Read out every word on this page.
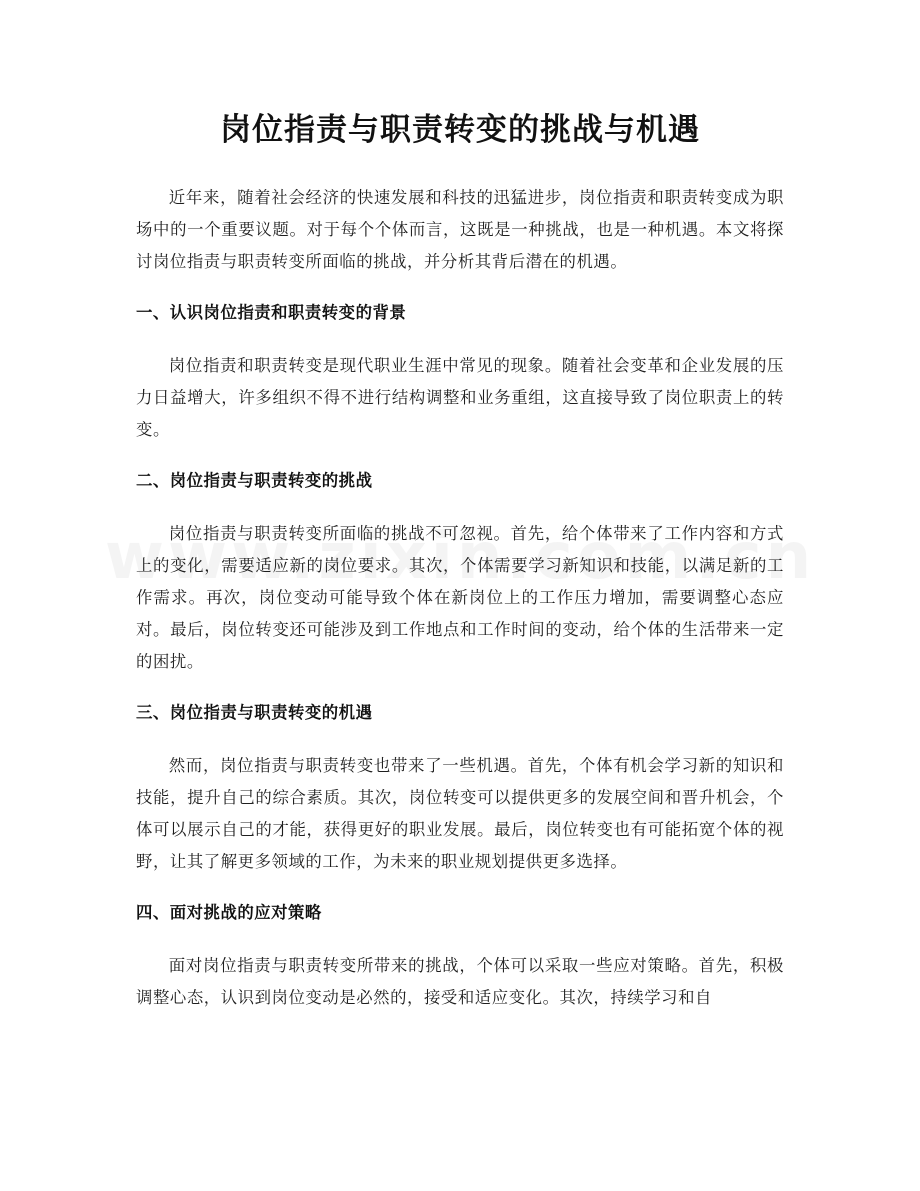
岗位指责与职责转变的挑战与机遇

近年来，随着社会经济的快速发展和科技的迅猛进步，岗位指责和职责转变成为职场中的一个重要议题。对于每个个体而言，这既是一种挑战，也是一种机遇。本文将探讨岗位指责与职责转变所面临的挑战，并分析其背后潜在的机遇。

一、认识岗位指责和职责转变的背景

岗位指责和职责转变是现代职业生涯中常见的现象。随着社会变革和企业发展的压力日益增大，许多组织不得不进行结构调整和业务重组，这直接导致了岗位职责上的转变。

二、岗位指责与职责转变的挑战

岗位指责与职责转变所面临的挑战不可忽视。首先，给个体带来了工作内容和方式上的变化，需要适应新的岗位要求。其次，个体需要学习新知识和技能，以满足新的工作需求。再次，岗位变动可能导致个体在新岗位上的工作压力增加，需要调整心态应对。最后，岗位转变还可能涉及到工作地点和工作时间的变动，给个体的生活带来一定的困扰。

三、岗位指责与职责转变的机遇

然而，岗位指责与职责转变也带来了一些机遇。首先，个体有机会学习新的知识和技能，提升自己的综合素质。其次，岗位转变可以提供更多的发展空间和晋升机会，个体可以展示自己的才能，获得更好的职业发展。最后，岗位转变也有可能拓宽个体的视野，让其了解更多领域的工作，为未来的职业规划提供更多选择。

四、面对挑战的应对策略

面对岗位指责与职责转变所带来的挑战，个体可以采取一些应对策略。首先，积极调整心态，认识到岗位变动是必然的，接受和适应变化。其次，持续学习和自
